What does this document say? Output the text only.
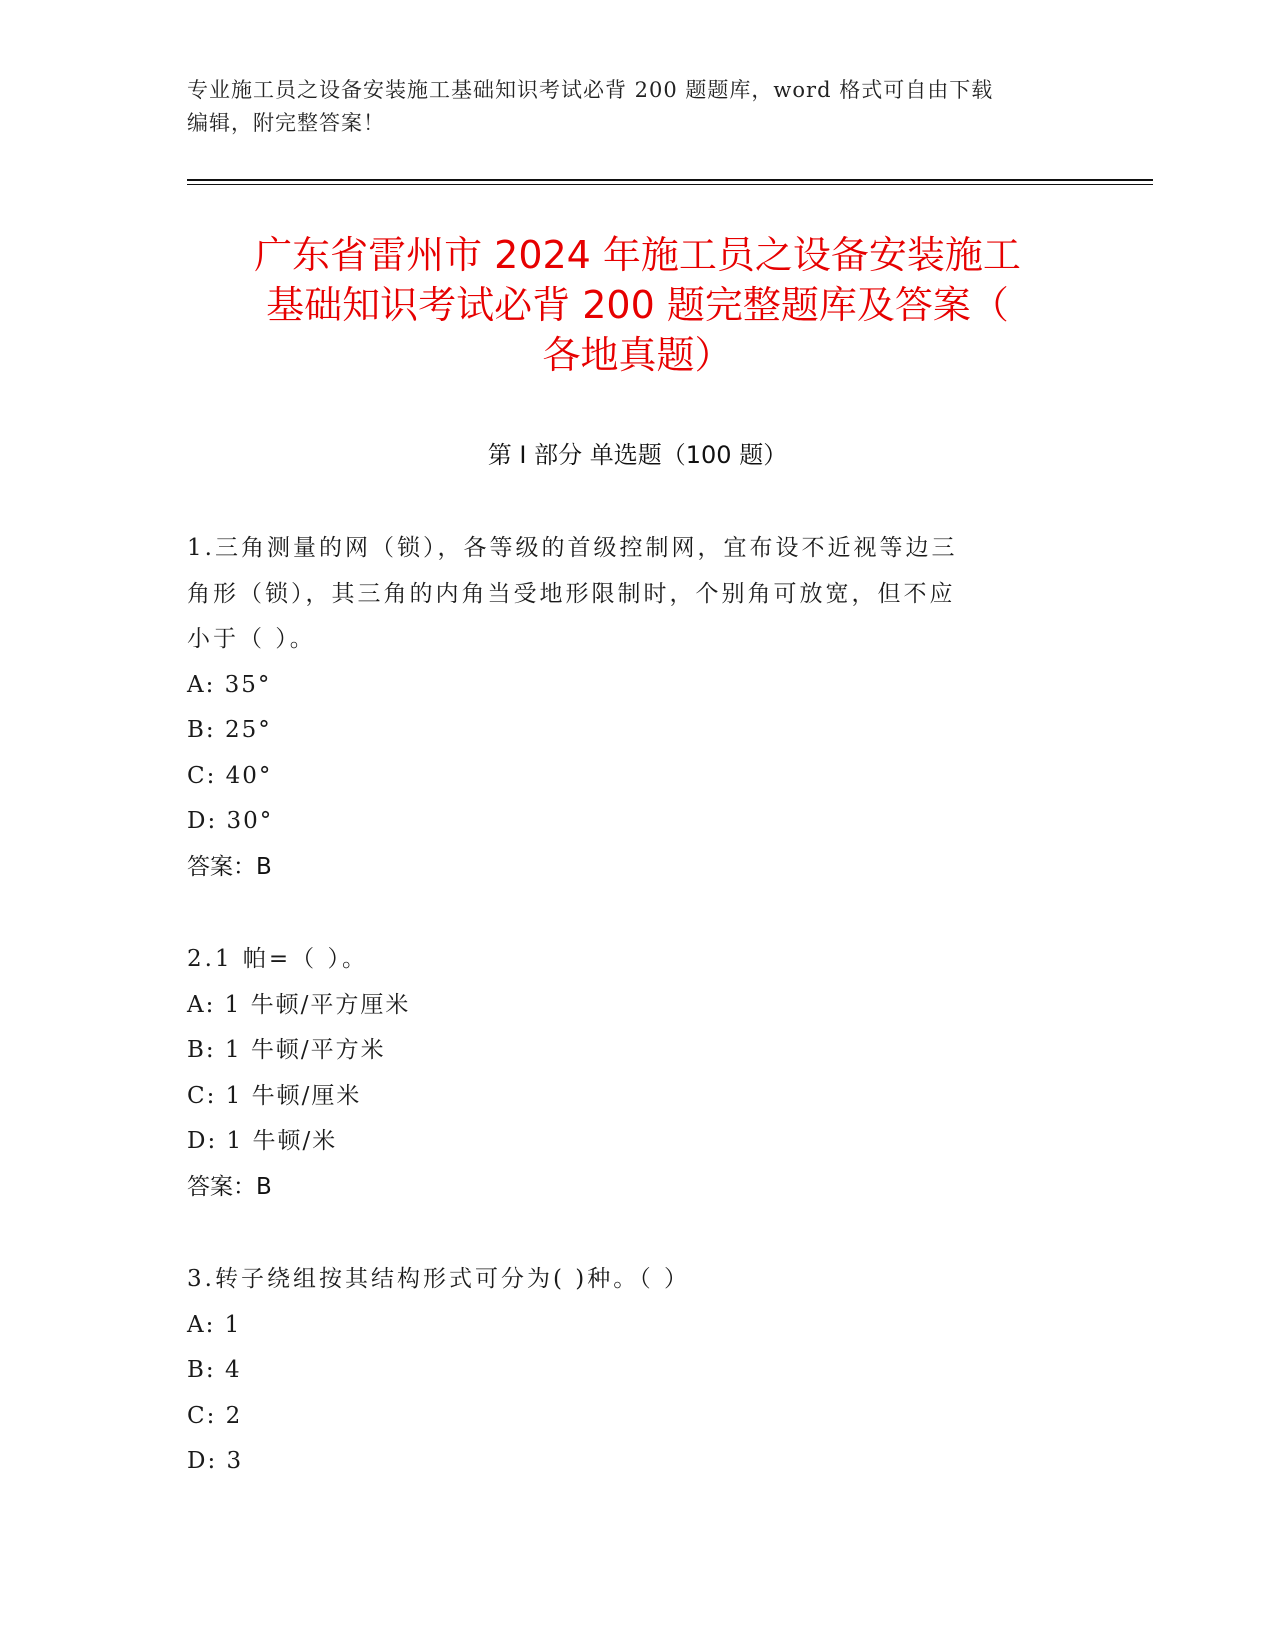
专业施工员之设备安装施工基础知识考试必背 200 题题库，word 格式可自由下载
编辑，附完整答案！
广东省雷州市 2024 年施工员之设备安装施工
基础知识考试必背 200 题完整题库及答案（
各地真题）
第 I 部分 单选题（100 题）
1.三角测量的网（锁），各等级的首级控制网，宜布设不近视等边三
角形（锁），其三角的内角当受地形限制时，个别角可放宽，但不应
小于（ ）。
A: 35°
B: 25°
C: 40°
D: 30°
答案：B
2.1 帕=（ ）。
A: 1 牛顿/平方厘米
B: 1 牛顿/平方米
C: 1 牛顿/厘米
D: 1 牛顿/米
答案：B
3.转子绕组按其结构形式可分为( )种。（ ）
A: 1
B: 4
C: 2
D: 3
